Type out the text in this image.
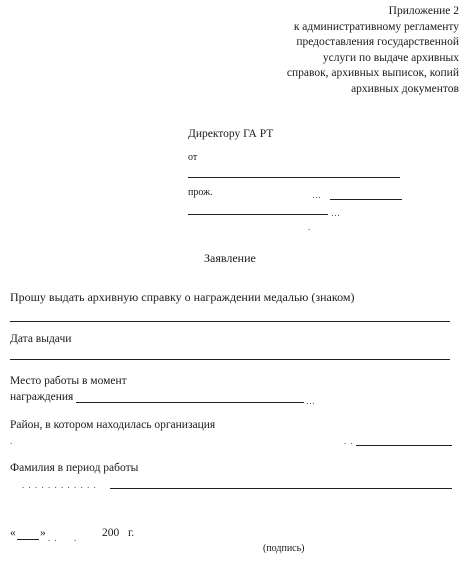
Приложение 2
к административному регламенту
предоставления государственной
услуги по выдаче архивных
справок, архивных выписок, копий
архивных документов
Директору ГА РТ
от
прож.	…
…
.
Заявление
Прошу выдать архивную справку о награждении медалью (знаком)
Дата выдачи
Место работы в момент
награждения	…
Район, в котором находилась организация
.	. .
Фамилия в период работы
. . . . . . . . . . . .
« » . .     . 200 г.
(подпись)
